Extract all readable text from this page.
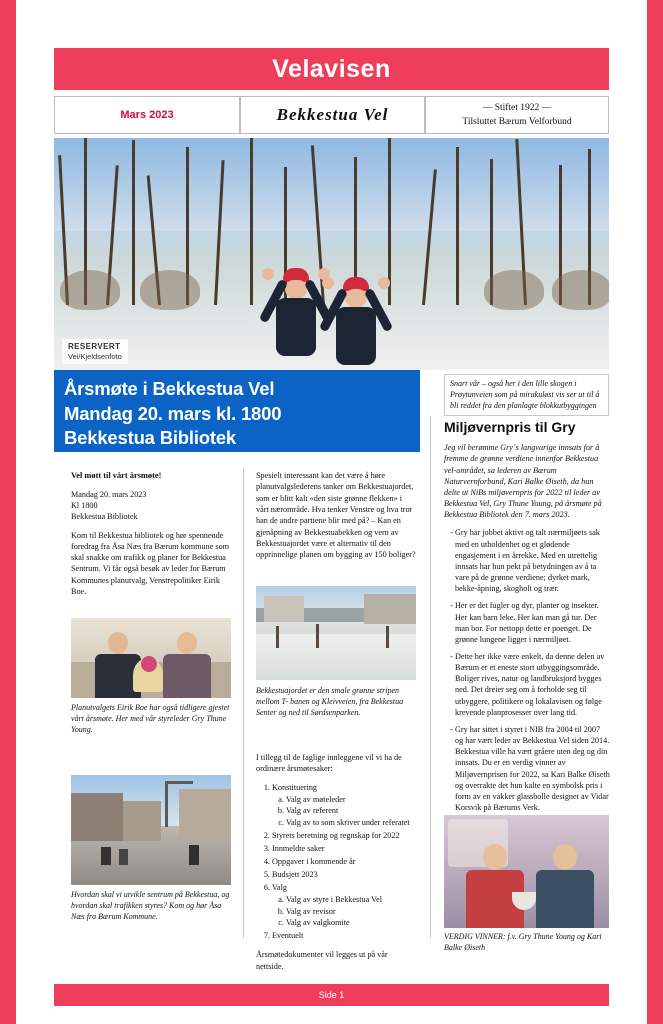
Velavisen
Mars 2023	Bekkestua Vel	— Stiftet 1922 —
Tilsluttet Bærum Velforbund
RESERVERT
Vei/Kjeldsenfoto
Årsmøte i Bekkestua Vel
Mandag 20. mars kl. 1800
Bekkestua Bibliotek
Snart vår – også her i den lille skogen i Prøytunveien som på mirakuløst vis ser ut til å bli reddet fra den planlagte blokkutbyggingen

Vel møtt til vårt årsmøte!

Mandag 20. mars 2023

Kl 1800

Bekkestua Bibliotek

Kom til Bekkestua bibliotek og hør spennende foredrag fra Åsa Næs fra Bærum kommune som skal snakke om trafikk og planer for Bekkestua Sentrum. Vi får også besøk av leder for Bærum Kommunes planutvalg, Venstrepolitiker Eirik Boe.

Planutvalgets Eirik Boe har også tidligere gjestet vårt årsmøte. Her med vår styreleder Gry Thune Young.
Hvordan skal vi utvikle sentrum på Bekkestua, og hvordan skal trafikken styres? Kom og hør Åsa Næs fra Bærum Kommune.

Spesielt interessant kan det være å høre planutvalgslederens tanker om Bekkestuajordet, som er blitt kalt «den siste grønne flekken» i vårt nærområde. Hva tenker Venstre og hva tror han de andre partiene blir med på? – Kan en gjenåpning av Bekkestuabekken og vern av Bekkestuajordet være et alternativ til den opprinnelige planen om bygging av 150 boliger?

Bekkestuajordet er den smale grønne stripen mellom T- banen og Kleivveien, fra Bekkestua Senter og ned til Sørdsenparken.

I tillegg til de faglige innleggene vil vi ha de ordinære årsmøtesaker:

1. Konstituering
a. Valg av møteleder
b. Valg av referent
c. Valg av to som skriver under referatet
2. Styrets beretning og regnskap for 2022
3. Innmeldte saker
4. Oppgaver i kommende år
5. Budsjett 2023
6. Valg
a. Valg av styre i Bekkestua Vel
b. Valg av revisor
c. Valg av valgkomite
7. Eventuelt

Årsmøtedokumenter vil legges ut på vår nettside.

Miljøvernpris til Gry

Jeg vil berømme Gry´s langvarige innsats for å fremme de grønne verdiene innenfor Bekkestua vel-området, sa lederen av Bærum Naturvernforbund, Kari Balke Øiseth, da hun delte ut NiBs miljøvernpris for 2022 til leder av Bekkestua Vel, Gry Thune Young, på årsmøte på Bekkestua Bibliotek den 7. mars 2023.

- Gry har jobbet aktivt og talt nærmiljøets sak med en utholdenhet og et glødende engasjement i en årrekke. Med en utrettelig innsats har hun pekt på betydningen av å ta vare på de grønne verdiene; dyrket mark, bekke-åpning, skogholt og trær.
- Her er det fugler og dyr, planter og insekter. Her kan barn leke. Her kan man gå tur. Der man bor. For nettopp dette er poenget. De grønne lungene ligger i nærmiljøet.
- Dette her ikke være enkelt, da denne delen av Bærum er et eneste stort utbyggingsområde. Boliger rives, natur og landbruksjord bygges ned. Det dreier seg om å forholde seg til utbyggere, politikere og lokalavisen og følge krevende planprosesser over lang tid.
- Gry har sittet i styret i NIB fra 2004 til 2007 og har vært leder av Bekkestua Vel siden 2014. Bekkestua ville ha vært gråere uten deg og din innsats. Du er en verdig vinner av Miljøvernprisen for 2022, sa Kari Balke Øiseth og overrakte det hun kalte en symbolsk pris i form av en vakker glassbolle designet av Vidar Korsvik på Bærums Verk.

VERDIG VINNER: f.v. Gry Thune Young og Kari Balke Øiseth
Side 1
